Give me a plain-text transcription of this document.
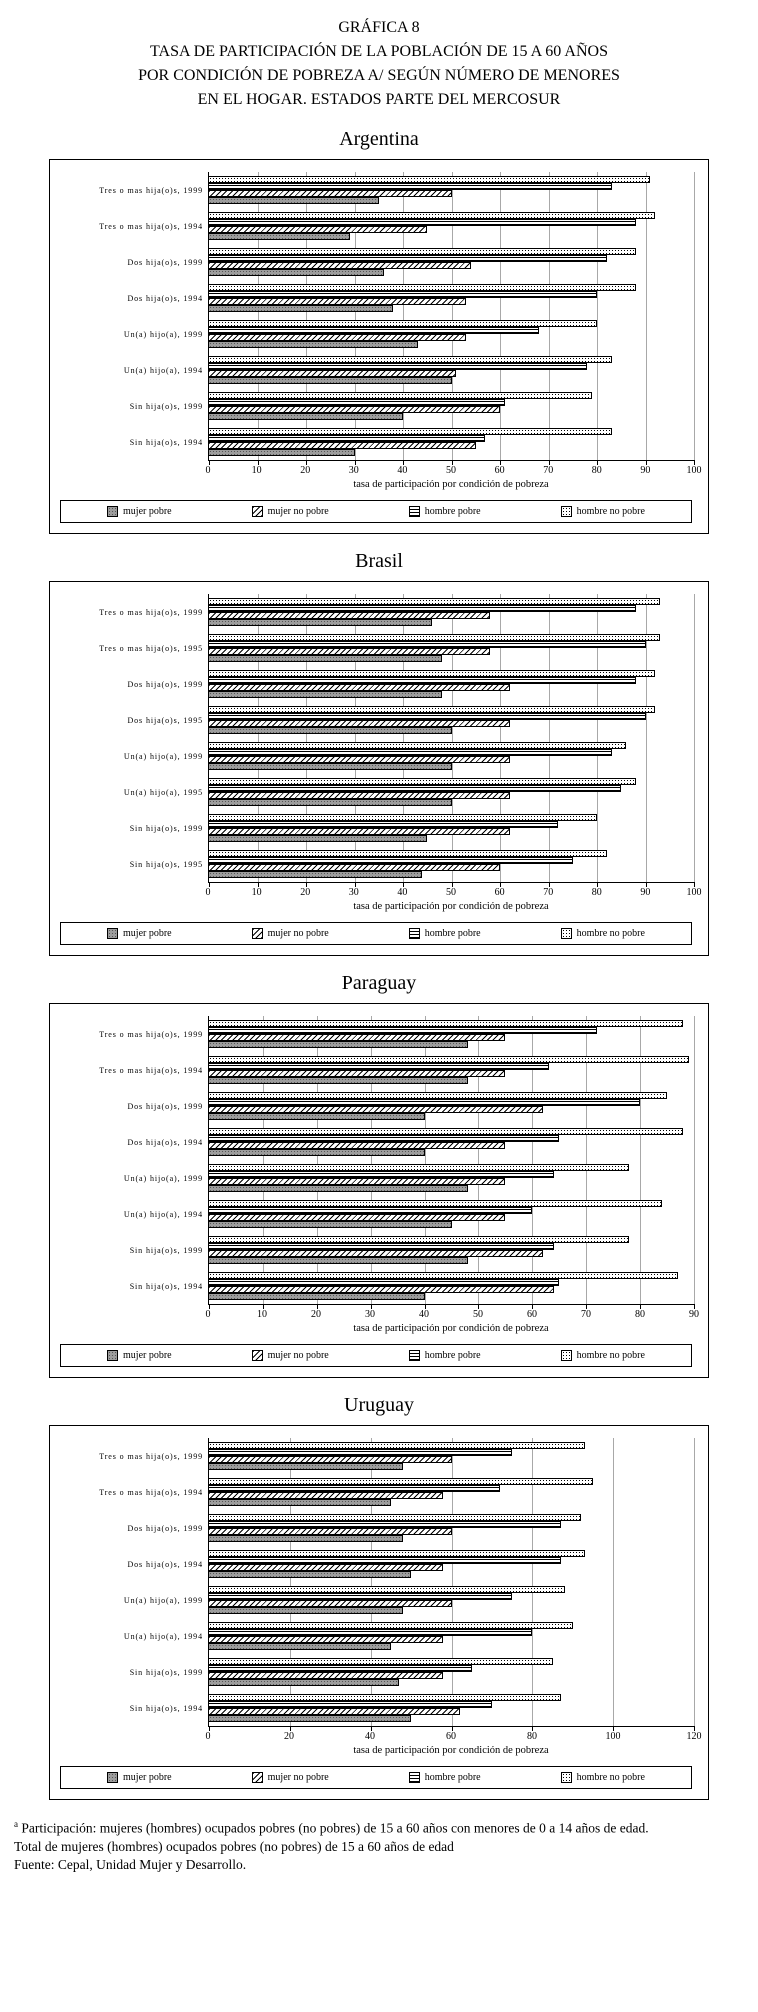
GRÁFICA 8
TASA DE PARTICIPACIÓN DE LA POBLACIÓN DE 15 A 60 AÑOS
POR CONDICIÓN DE POBREZA A/ SEGÚN NÚMERO DE MENORES
EN EL HOGAR. ESTADOS PARTE DEL MERCOSUR
Argentina
Tres o mas hija(o)s, 1999
Tres o mas hija(o)s, 1994
Dos hija(o)s, 1999
Dos hija(o)s, 1994
Un(a) hijo(a), 1999
Un(a) hijo(a), 1994
Sin hija(o)s, 1999
Sin hija(o)s, 1994
0	10	20	30	40	50	60	70	80	90	100
tasa de participación por condición de pobreza
mujer pobre	mujer no pobre	hombre pobre	hombre no pobre
Brasil
Tres o mas hija(o)s, 1999
Tres o mas hija(o)s, 1995
Dos hija(o)s, 1999
Dos hija(o)s, 1995
Un(a) hijo(a), 1999
Un(a) hijo(a), 1995
Sin hija(o)s, 1999
Sin hija(o)s, 1995
0	10	20	30	40	50	60	70	80	90	100
tasa de participación por condición de pobreza
mujer pobre	mujer no pobre	hombre pobre	hombre no pobre
Paraguay
Tres o mas hija(o)s, 1999
Tres o mas hija(o)s, 1994
Dos hija(o)s, 1999
Dos hija(o)s, 1994
Un(a) hijo(a), 1999
Un(a) hijo(a), 1994
Sin hija(o)s, 1999
Sin hija(o)s, 1994
0	10	20	30	40	50	60	70	80	90
tasa de participación por condición de pobreza
mujer pobre	mujer no pobre	hombre pobre	hombre no pobre
Uruguay
Tres o mas hija(o)s, 1999
Tres o mas hija(o)s, 1994
Dos hija(o)s, 1999
Dos hija(o)s, 1994
Un(a) hijo(a), 1999
Un(a) hijo(a), 1994
Sin hija(o)s, 1999
Sin hija(o)s, 1994
0	20	40	60	80	100	120
tasa de participación por condición de pobreza
mujer pobre	mujer no pobre	hombre pobre	hombre no pobre

$^a$ Participación: mujeres (hombres) ocupados pobres (no pobres) de 15 a 60 años con menores de 0 a 14 años de edad.

Total de mujeres (hombres) ocupados pobres (no pobres) de 15 a 60 años de edad

Fuente: Cepal, Unidad Mujer y Desarrollo.
